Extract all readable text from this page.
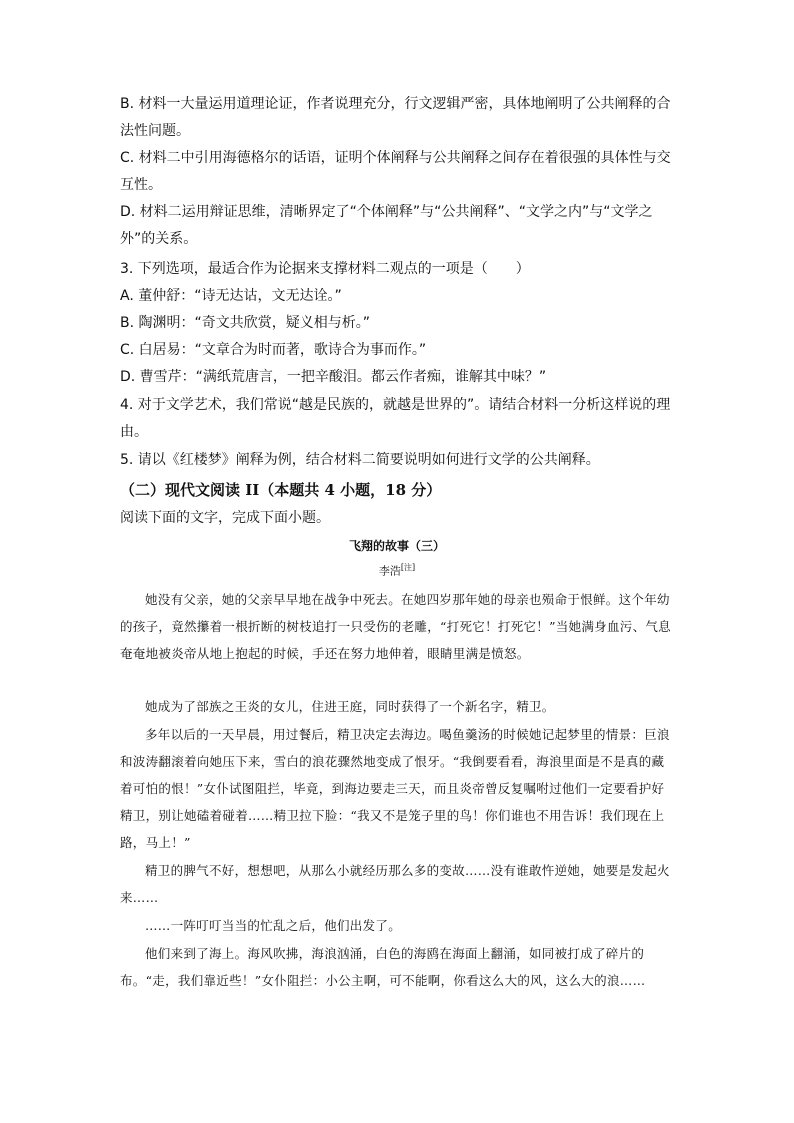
B. 材料一大量运用道理论证，作者说理充分，行文逻辑严密，具体地阐明了公共阐释的合法性问题。

C. 材料二中引用海德格尔的话语，证明个体阐释与公共阐释之间存在着很强的具体性与交互性。

D. 材料二运用辩证思维，清晰界定了“个体阐释”与“公共阐释”、“文学之内”与“文学之外”的关系。

3. 下列选项，最适合作为论据来支撑材料二观点的一项是（　　）

A. 董仲舒：“诗无达诂，文无达诠。”

B. 陶渊明：“奇文共欣赏，疑义相与析。”

C. 白居易：“文章合为时而著，歌诗合为事而作。”

D. 曹雪芹：“满纸荒唐言，一把辛酸泪。都云作者痴，谁解其中味？”

4. 对于文学艺术，我们常说“越是民族的，就越是世界的”。请结合材料一分析这样说的理由。

5. 请以《红楼梦》阐释为例，结合材料二简要说明如何进行文学的公共阐释。

（二）现代文阅读 II（本题共 4 小题，18 分）

阅读下面的文字，完成下面小题。

飞翔的故事（三）

李浩[注]

她没有父亲，她的父亲早早地在战争中死去。在她四岁那年她的母亲也殒命于恨鲜。这个年幼的孩子，竟然攥着一根折断的树枝追打一只受伤的老雕，“打死它！打死它！”当她满身血污、气息奄奄地被炎帝从地上抱起的时候，手还在努力地伸着，眼睛里满是愤怒。

她成为了部族之王炎的女儿，住进王庭，同时获得了一个新名字，精卫。

多年以后的一天早晨，用过餐后，精卫决定去海边。喝鱼羹汤的时候她记起梦里的情景：巨浪和波涛翻滚着向她压下来，雪白的浪花骤然地变成了恨牙。“我倒要看看，海浪里面是不是真的藏着可怕的恨！”女仆试图阻拦，毕竟，到海边要走三天，而且炎帝曾反复嘱咐过他们一定要看护好精卫，别让她磕着碰着……精卫拉下脸：“我又不是笼子里的鸟！你们谁也不用告诉！我们现在上路，马上！”

精卫的脾气不好，想想吧，从那么小就经历那么多的变故……没有谁敢忤逆她，她要是发起火来……

……一阵叮叮当当的忙乱之后，他们出发了。

他们来到了海上。海风吹拂，海浪汹涌，白色的海鸥在海面上翻涌，如同被打成了碎片的布。“走，我们靠近些！”女仆阻拦：小公主啊，可不能啊，你看这么大的风，这么大的浪……
